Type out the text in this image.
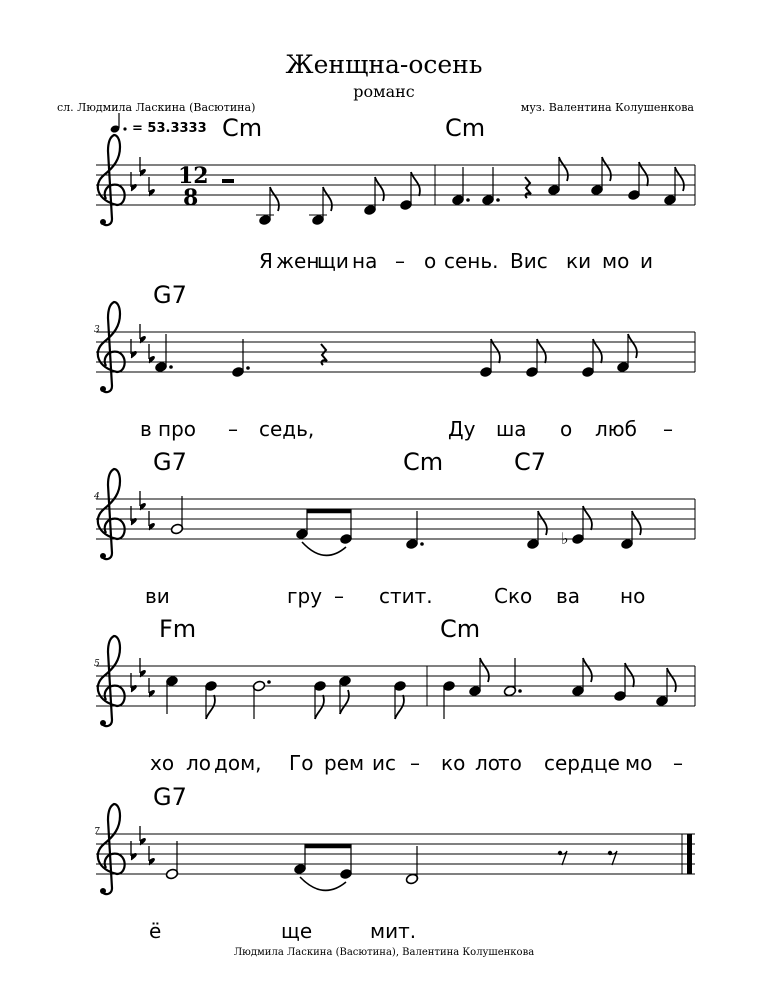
Женщна-осень
романс
сл. Людмила Ласкина (Васютина)	муз. Валентина Колушенкова
Людмила Ласкина (Васютина), Валентина Колушенкова
♭
= 53.3333
12
8
Cm	Cm
G7
G7	Cm	C7
Fm	Cm
G7
3
4
5
7
Я жен
щи на – о сень. Вис ки мо и
в про – седь,	Ду ша о люб –
ви	гру – стит.	Ско ва но
хо ло дом, Го рем ис – ко ло
то серд це мо –
ё	ще	мит.
